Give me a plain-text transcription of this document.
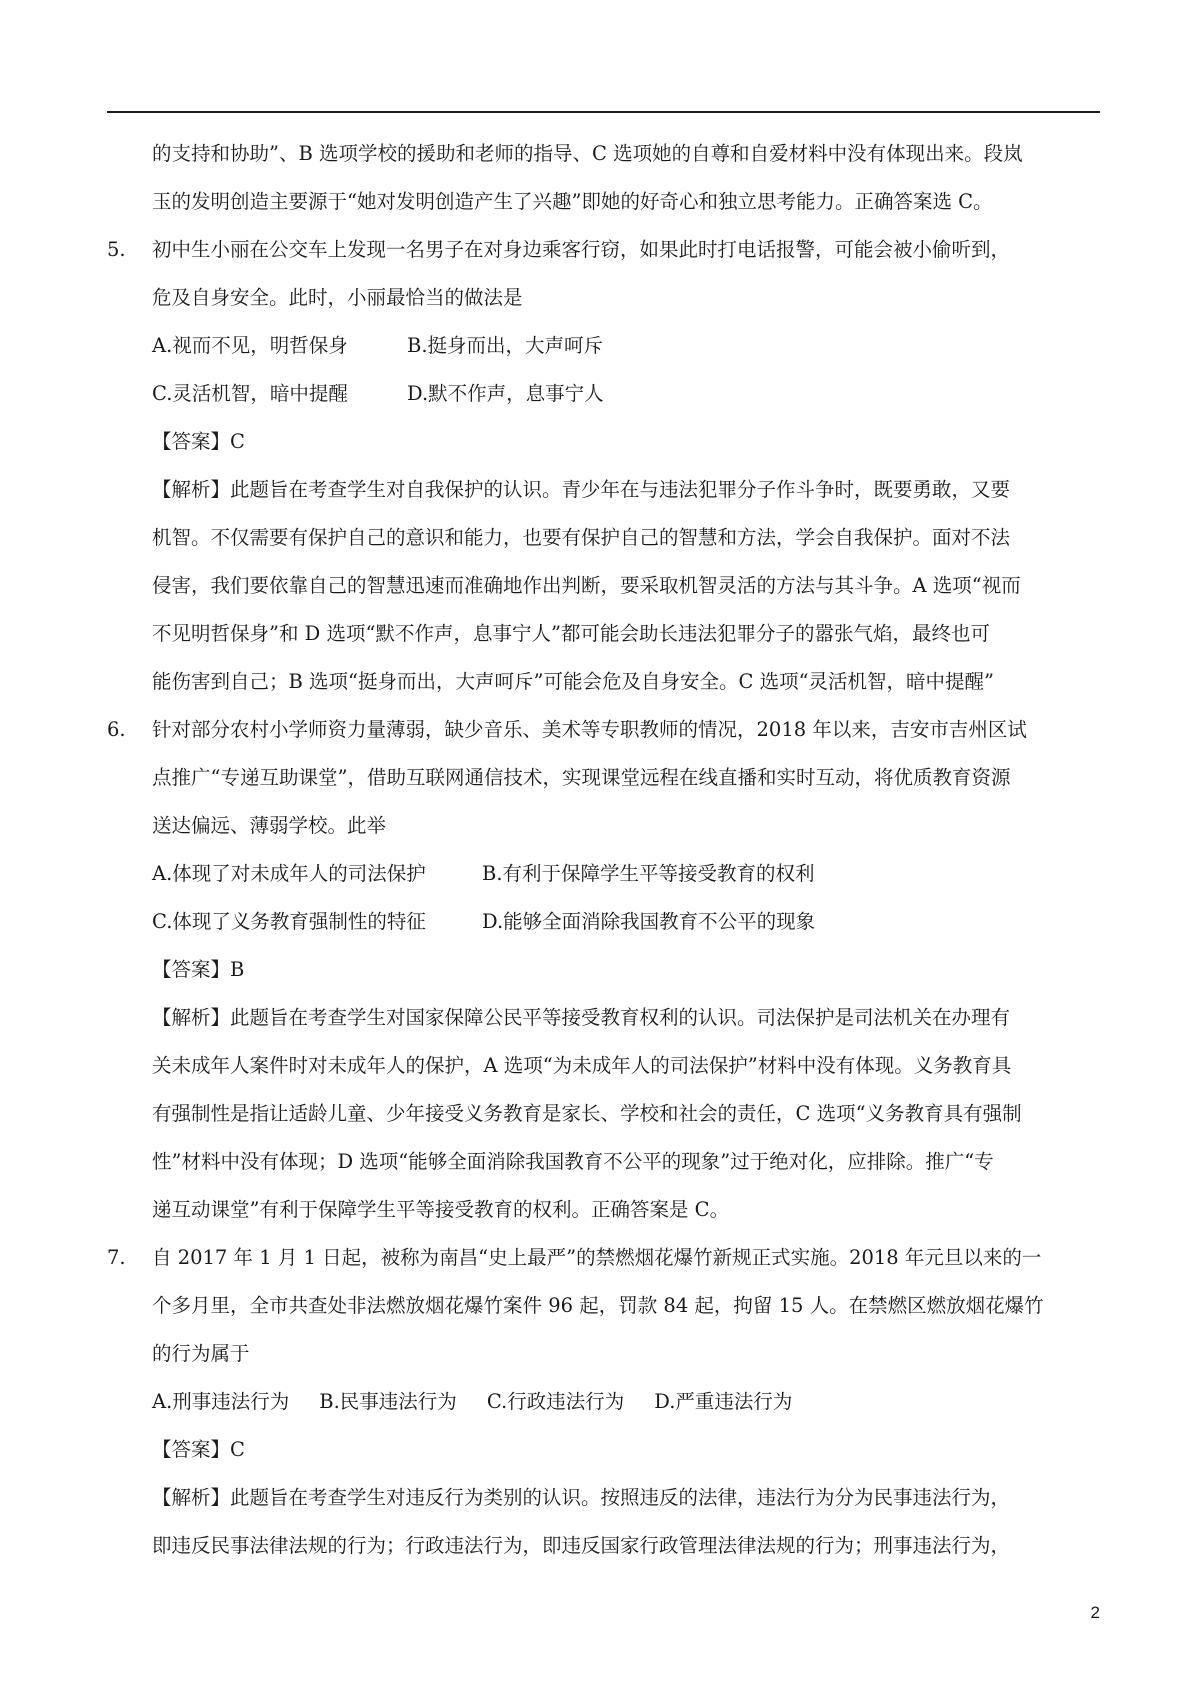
的支持和协助”、B 选项学校的援助和老师的指导、C 选项她的自尊和自爱材料中没有体现出来。段岚
玉的发明创造主要源于“她对发明创造产生了兴趣”即她的好奇心和独立思考能力。正确答案选 C。
5. 初中生小丽在公交车上发现一名男子在对身边乘客行窃，如果此时打电话报警，可能会被小偷听到，
危及自身安全。此时，小丽最恰当的做法是
A.视而不见，明哲保身	B.挺身而出，大声呵斥
C.灵活机智，暗中提醒	D.默不作声，息事宁人
【答案】C
【解析】此题旨在考查学生对自我保护的认识。青少年在与违法犯罪分子作斗争时，既要勇敢，又要
机智。不仅需要有保护自己的意识和能力，也要有保护自己的智慧和方法，学会自我保护。面对不法
侵害，我们要依靠自己的智慧迅速而准确地作出判断，要采取机智灵活的方法与其斗争。A 选项“视而
不见明哲保身”和 D 选项“默不作声，息事宁人”都可能会助长违法犯罪分子的嚣张气焰，最终也可
能伤害到自己；B 选项“挺身而出，大声呵斥”可能会危及自身安全。C 选项“灵活机智，暗中提醒”
6. 针对部分农村小学师资力量薄弱，缺少音乐、美术等专职教师的情况，2018 年以来，吉安市吉州区试
点推广“专递互助课堂”，借助互联网通信技术，实现课堂远程在线直播和实时互动，将优质教育资源
送达偏远、薄弱学校。此举
A.体现了对未成年人的司法保护	B.有利于保障学生平等接受教育的权利
C.体现了义务教育强制性的特征	D.能够全面消除我国教育不公平的现象
【答案】B
【解析】此题旨在考查学生对国家保障公民平等接受教育权利的认识。司法保护是司法机关在办理有
关未成年人案件时对未成年人的保护，A 选项“为未成年人的司法保护”材料中没有体现。义务教育具
有强制性是指让适龄儿童、少年接受义务教育是家长、学校和社会的责任，C 选项“义务教育具有强制
性”材料中没有体现；D 选项“能够全面消除我国教育不公平的现象”过于绝对化，应排除。推广“专
递互动课堂”有利于保障学生平等接受教育的权利。正确答案是 C。
7. 自 2017 年 1 月 1 日起，被称为南昌“史上最严”的禁燃烟花爆竹新规正式实施。2018 年元旦以来的一
个多月里，全市共查处非法燃放烟花爆竹案件 96 起，罚款 84 起，拘留 15 人。在禁燃区燃放烟花爆竹
的行为属于
A.刑事违法行为 B.民事违法行为 C.行政违法行为 D.严重违法行为
【答案】C
【解析】此题旨在考查学生对违反行为类别的认识。按照违反的法律，违法行为分为民事违法行为，
即违反民事法律法规的行为；行政违法行为，即违反国家行政管理法律法规的行为；刑事违法行为，
2
